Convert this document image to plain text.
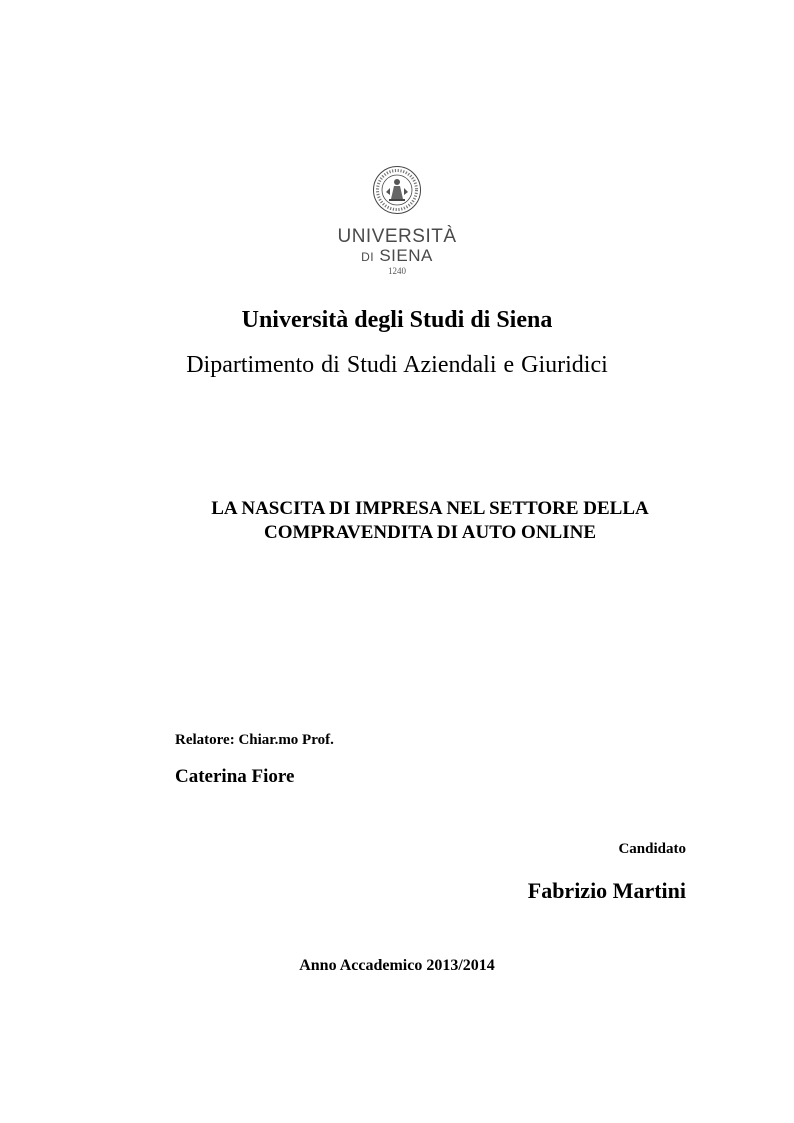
UNIVERSITÀ
DI SIENA
1240
Università degli Studi di Siena
Dipartimento di Studi Aziendali e Giuridici
LA NASCITA DI IMPRESA NEL SETTORE DELLA
COMPRAVENDITA DI AUTO ONLINE
Relatore: Chiar.mo Prof.
Caterina Fiore
Candidato
Fabrizio Martini
Anno Accademico 2013/2014
